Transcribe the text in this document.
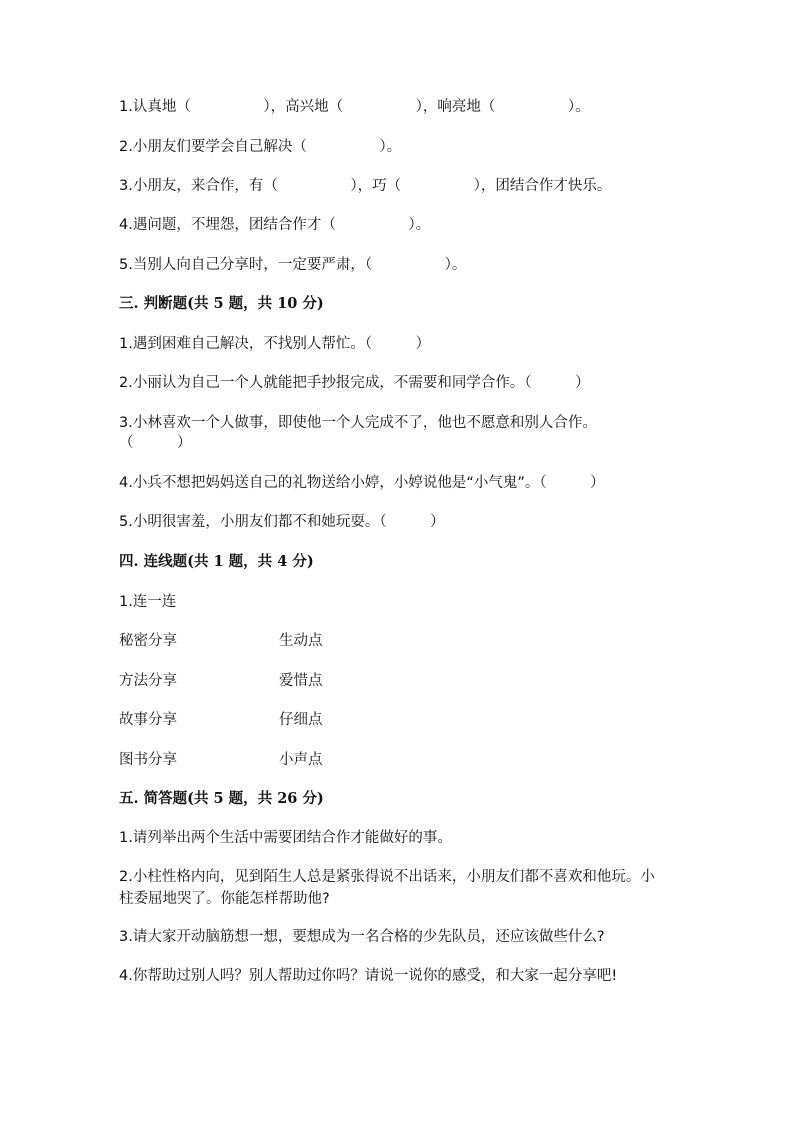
1.认真地（　　　　　），高兴地（　　　　　），响亮地（　　　　　）。
2.小朋友们要学会自己解决（　　　　　）。
3.小朋友，来合作，有（　　　　　），巧（　　　　　），团结合作才快乐。
4.遇问题，不埋怨，团结合作才（　　　　　）。
5.当别人向自己分享时，一定要严肃，（　　　　　）。
三. 判断题(共 5 题，共 10 分)
1.遇到困难自己解决，不找别人帮忙。（　　　）
2.小丽认为自己一个人就能把手抄报完成，不需要和同学合作。（　　　）
3.小林喜欢一个人做事，即使他一个人完成不了，他也不愿意和别人合作。
（　　　）
4.小兵不想把妈妈送自己的礼物送给小婷，小婷说他是“小气鬼”。（　　　）
5.小明很害羞，小朋友们都不和她玩耍。（　　　）
四. 连线题(共 1 题，共 4 分)
1.连一连
秘密分享	生动点
方法分享	爱惜点
故事分享	仔细点
图书分享	小声点
五. 简答题(共 5 题，共 26 分)
1.请列举出两个生活中需要团结合作才能做好的事。
2.小柱性格内向，见到陌生人总是紧张得说不出话来，小朋友们都不喜欢和他玩。小柱委屈地哭了。你能怎样帮助他?
3.请大家开动脑筋想一想，要想成为一名合格的少先队员，还应该做些什么?
4.你帮助过别人吗？别人帮助过你吗？请说一说你的感受，和大家一起分享吧!
